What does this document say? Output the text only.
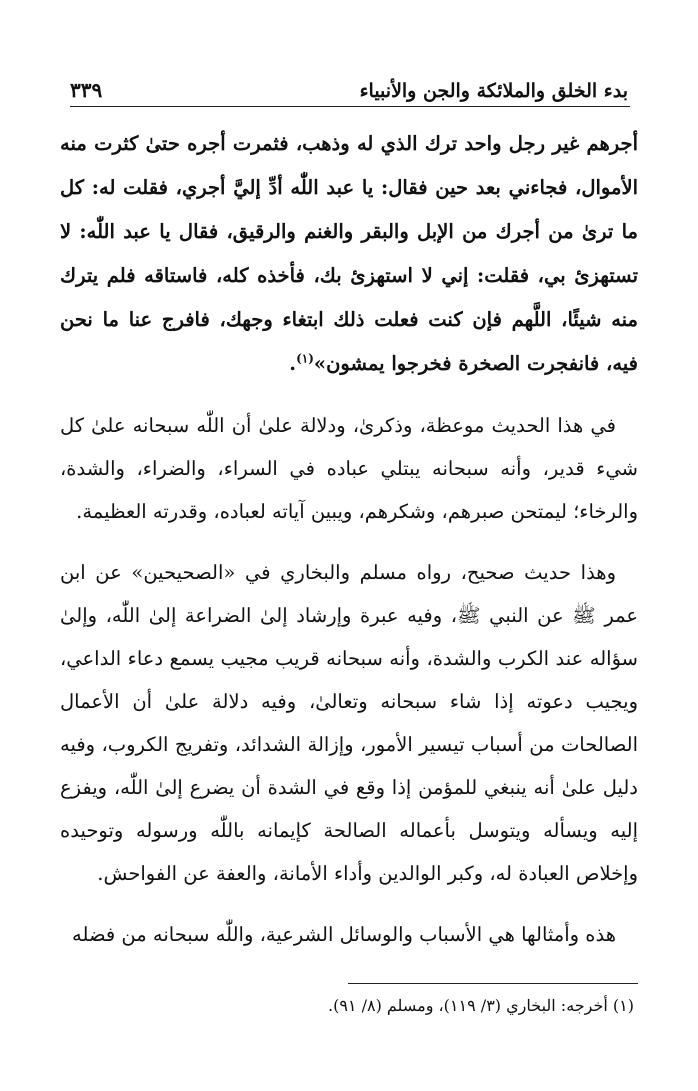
بدء الخلق والملائكة والجن والأنبياء
٣٣٩

أجرهم غير رجل واحد ترك الذي له وذهب، فثمرت أجره حتىٰ كثرت منه الأموال، فجاءني بعد حين فقال: يا عبد اللّٰه أدِّ إليَّ أجري، فقلت له: كل ما ترىٰ من أجرك من الإبل والبقر والغنم والرقيق، فقال يا عبد اللّٰه: لا تستهزئ بي، فقلت: إني لا استهزئ بك، فأخذه كله، فاستاقه فلم يترك منه شيئًا، اللَّهم فإن كنت فعلت ذلك ابتغاء وجهك، فافرج عنا ما نحن فيه، فانفجرت الصخرة فخرجوا يمشون»$^{(١)}$.

في هذا الحديث موعظة، وذكرىٰ، ودلالة علىٰ أن اللّٰه سبحانه علىٰ كل شيء قدير، وأنه سبحانه يبتلي عباده في السراء، والضراء، والشدة، والرخاء؛ ليمتحن صبرهم، وشكرهم، ويبين آياته لعباده، وقدرته العظيمة.

وهذا حديث صحيح، رواه مسلم والبخاري في «الصحيحين» عن ابن عمر ﷺ عن النبي ﷺ، وفيه عبرة وإرشاد إلىٰ الضراعة إلىٰ اللّٰه، وإلىٰ سؤاله عند الكرب والشدة، وأنه سبحانه قريب مجيب يسمع دعاء الداعي، ويجيب دعوته إذا شاء سبحانه وتعالىٰ، وفيه دلالة علىٰ أن الأعمال الصالحات من أسباب تيسير الأمور، وإزالة الشدائد، وتفريج الكروب، وفيه دليل علىٰ أنه ينبغي للمؤمن إذا وقع في الشدة أن يضرع إلىٰ اللّٰه، ويفزع إليه ويسأله ويتوسل بأعماله الصالحة كإيمانه باللّٰه ورسوله وتوحيده وإخلاص العبادة له، وكبر الوالدين وأداء الأمانة، والعفة عن الفواحش.

هذه وأمثالها هي الأسباب والوسائل الشرعية، واللّٰه سبحانه من فضله

(١) أخرجه: البخاري (٣/ ١١٩)، ومسلم (٨/ ٩١).
